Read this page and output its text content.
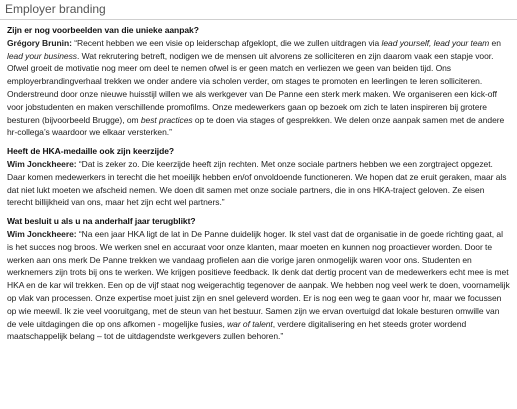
Employer branding

Zijn er nog voorbeelden van die unieke aanpak?

Grégory Brunin: “Recent hebben we een visie op leiderschap afgeklopt, die we zullen uitdragen via lead yourself, lead your team en lead your business. Wat rekrutering betreft, nodigen we de mensen uit alvorens ze solliciteren en zijn daarom vaak een stapje voor. Ofwel groeit de motivatie nog meer om deel te nemen ofwel is er geen match en verliezen we geen van beiden tijd. Ons employerbrandingverhaal trekken we onder andere via scholen verder, om stages te promoten en leerlingen te leren solliciteren. Onderstreund door onze nieuwe huisstijl willen we als werkgever van De Panne een sterk merk maken. We organiseren een kick-off voor jobstudenten en maken verschillende promofilms. Onze medewerkers gaan op bezoek om zich te laten inspireren bij grotere besturen (bijvoorbeeld Brugge), om best practices op te doen via stages of gesprekken. We delen onze aanpak samen met de andere hr-collega’s waardoor we elkaar versterken.”

Heeft de HKA-medaille ook zijn keerzijde?

Wim Jonckheere: “Dat is zeker zo. Die keerzijde heeft zijn rechten. Met onze sociale partners hebben we een zorgtraject opgezet. Daar komen medewerkers in terecht die het moeilijk hebben en/of onvoldoende functioneren. We hopen dat ze eruit geraken, maar als dat niet lukt moeten we afscheid nemen. We doen dit samen met onze sociale partners, die in ons HKA-traject geloven. Ze eisen terecht billijkheid van ons, maar het zijn echt wel partners.”

Wat besluit u als u na anderhalf jaar terugblikt?

Wim Jonckheere: “Na een jaar HKA ligt de lat in De Panne duidelijk hoger. Ik stel vast dat de organisatie in de goede richting gaat, al is het succes nog broos. We werken snel en accuraat voor onze klanten, maar moeten en kunnen nog proactiever worden. Door te werken aan ons merk De Panne trekken we vandaag profielen aan die vorige jaren onmogelijk waren voor ons. Studenten en werknemers zijn trots bij ons te werken. We krijgen positieve feedback. Ik denk dat dertig procent van de medewerkers echt mee is met HKA en de kar wil trekken. Een op de vijf staat nog weigerachtig tegenover de aanpak. We hebben nog veel werk te doen, voornamelijk op vlak van processen. Onze expertise moet juist zijn en snel geleverd worden. Er is nog een weg te gaan voor hr, maar we focussen op wie meewil. Ik zie veel vooruitgang, met de steun van het bestuur. Samen zijn we ervan overtuigd dat lokale besturen omwille van de vele uitdagingen die op ons afkomen - mogelijke fusies, war of talent, verdere digitalisering en het steeds groter wordend maatschappelijk belang – tot de uitdagendste werkgevers zullen behoren.”
